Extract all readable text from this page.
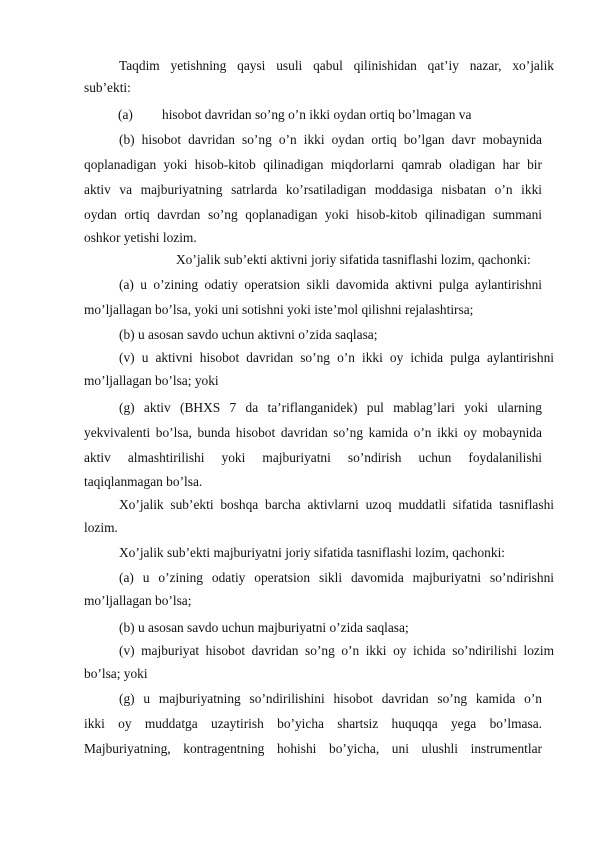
Taqdim yetishning qaysi usuli qabul qilinishidan qat’iy nazar, xo’jalik
sub’ekti:
(a) hisobot davridan so’ng o’n ikki oydan ortiq bo’lmagan va
(b) hisobot davridan so’ng o’n ikki oydan ortiq bo’lgan davr mobaynida
qoplanadigan yoki hisob-kitob qilinadigan miqdorlarni qamrab oladigan har bir
aktiv va majburiyatning satrlarda ko’rsatiladigan moddasiga nisbatan o’n ikki
oydan ortiq davrdan so’ng qoplanadigan yoki hisob-kitob qilinadigan summani
oshkor yetishi lozim.
Xo’jalik sub’ekti aktivni joriy sifatida tasniflashi lozim, qachonki:
(a) u o’zining odatiy operatsion sikli davomida aktivni pulga aylantirishni
mo’ljallagan bo’lsa, yoki uni sotishni yoki iste’mol qilishni rejalashtirsa;
(b) u asosan savdo uchun aktivni o’zida saqlasa;
(v) u aktivni hisobot davridan so’ng o’n ikki oy ichida pulga aylantirishni
mo’ljallagan bo’lsa; yoki
(g) aktiv (BHXS 7 da ta’riflanganidek) pul mablag’lari yoki ularning
yekvivalenti bo’lsa, bunda hisobot davridan so’ng kamida o’n ikki oy mobaynida
aktiv almashtirilishi yoki majburiyatni so’ndirish uchun foydalanilishi
taqiqlanmagan bo’lsa.
Xo’jalik sub’ekti boshqa barcha aktivlarni uzoq muddatli sifatida tasniflashi
lozim.
Xo’jalik sub’ekti majburiyatni joriy sifatida tasniflashi lozim, qachonki:
(a) u o’zining odatiy operatsion sikli davomida majburiyatni so’ndirishni
mo’ljallagan bo’lsa;
(b) u asosan savdo uchun majburiyatni o’zida saqlasa;
(v) majburiyat hisobot davridan so’ng o’n ikki oy ichida so’ndirilishi lozim
bo’lsa; yoki
(g) u majburiyatning so’ndirilishini hisobot davridan so’ng kamida o’n
ikki oy muddatga uzaytirish bo’yicha shartsiz huquqqa yega bo’lmasa.
Majburiyatning, kontragentning hohishi bo’yicha, uni ulushli instrumentlar
